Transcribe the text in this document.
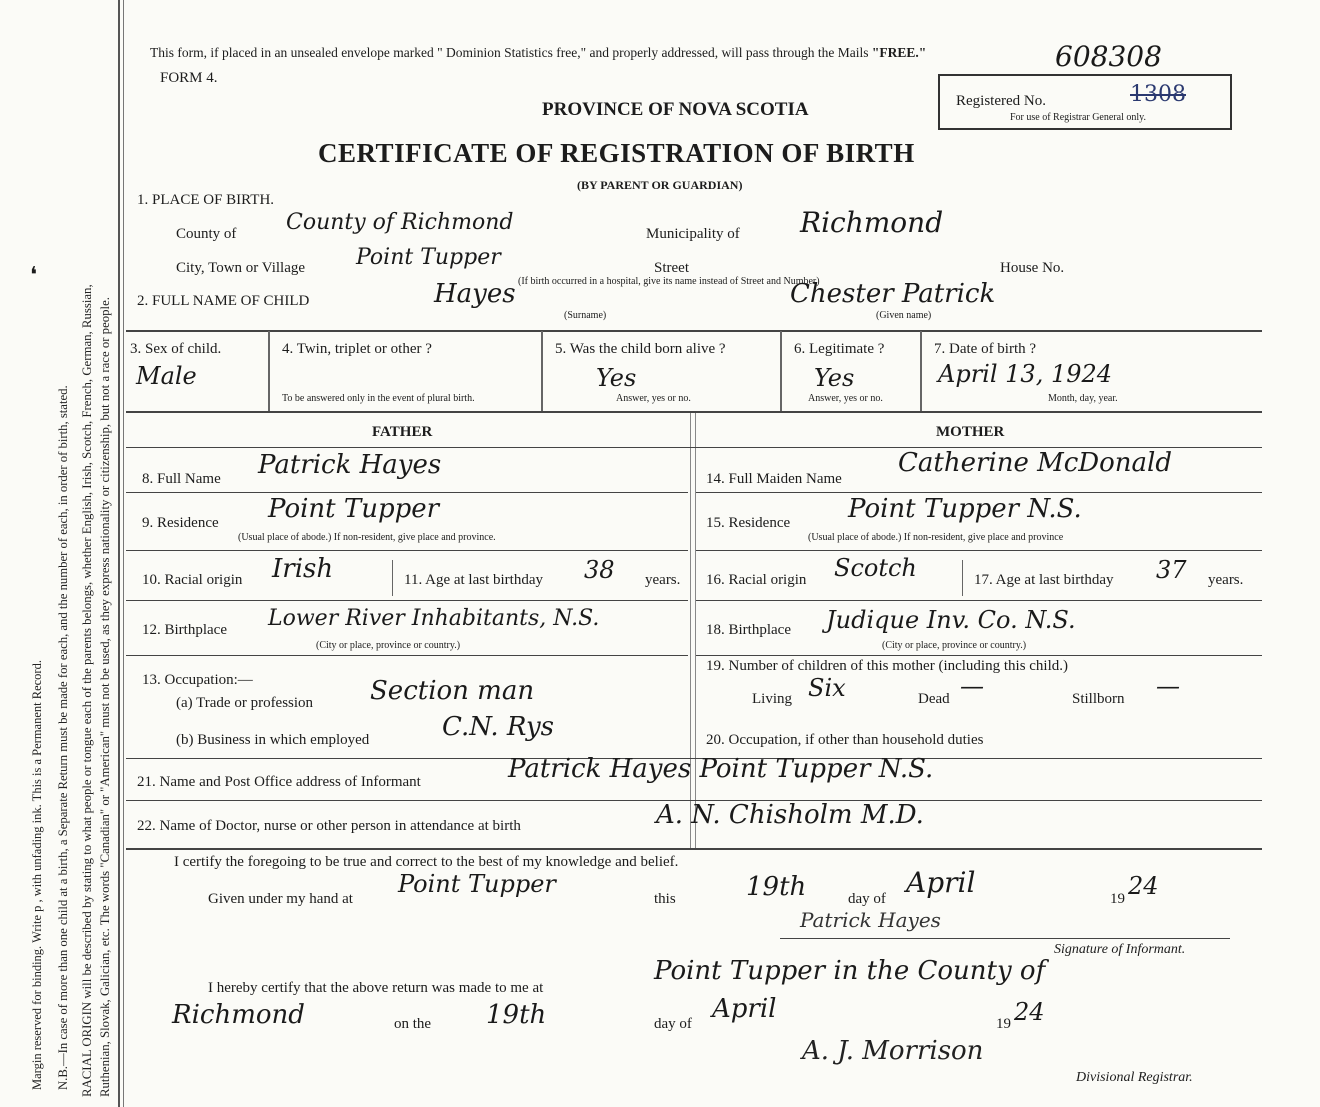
Margin reserved for binding. Write p , with unfading ink. This is a Permanent Record. N.B.—In case of more than one child at a birth, a Separate Return must be made for each, and the number of each, in order of birth, stated. RACIAL ORIGIN will be described by stating to what people or tongue each of the parents belongs, whether English, Irish, Scotch, French, German, Russian, Ruthenian, Slovak, Galician, etc. The words "Canadian" or "American" must not be used, as they express nationality or citizenship, but not a race or people.
❛
This form, if placed in an unsealed envelope marked " Dominion Statistics free," and properly addressed, will pass through the Mails "FREE."	608308
FORM 4.
PROVINCE OF NOVA SCOTIA	Registered No.	1308
For use of Registrar General only.
CERTIFICATE OF REGISTRATION OF BIRTH
(BY PARENT OR GUARDIAN)
1. PLACE OF BIRTH.
County of County of Richmond	Municipality of Richmond
City, Town or Village Point Tupper	Street	House No.
(If birth occurred in a hospital, give its name instead of Street and Number)
2. FULL NAME OF CHILD	Hayes	Chester Patrick
(Surname)	(Given name)
3. Sex of child.
Male
4. Twin, triplet or other ?
To be answered only in the event of plural birth.
5. Was the child born alive ?
Yes
Answer, yes or no.
6. Legitimate ?
Yes
Answer, yes or no.
7. Date of birth ?
April 13, 1924
Month, day, year.
FATHER	MOTHER
8. Full Name Patrick Hayes
9. Residence Point Tupper
(Usual place of abode.) If non-resident, give place and province.
10. Racial origin Irish	11. Age at last birthday 38 years.
12. Birthplace Lower River Inhabitants, N.S.
(City or place, province or country.)
13. Occupation:—
(a) Trade or profession Section man
(b) Business in which employed	C.N. Rys
14. Full Maiden Name
Catherine McDonald
15. Residence Point Tupper N.S.
(Usual place of abode.) If non-resident, give place and province
16. Racial origin Scotch	17. Age at last birthday 37 years.
18. Birthplace Judique Inv. Co. N.S.
(City or place, province or country.)
19. Number of children of this mother (including this child.)
Living Six	Dead —	Stillborn —
20. Occupation, if other than household duties
21. Name and Post Office address of Informant	Patrick Hayes Point Tupper N.S.
22. Name of Doctor, nurse or other person in attendance at birth	A. N. Chisholm M.D.
I certify the foregoing to be true and correct to the best of my knowledge and belief.
Given under my hand at
Point Tupper
this	19th	day of April	19 24
Patrick Hayes
Signature of Informant.
I hereby certify that the above return was made to me at
Point Tupper in the County of
Richmond	on the 19th	day of April	19 24
A. J. Morrison
Divisional Registrar.
